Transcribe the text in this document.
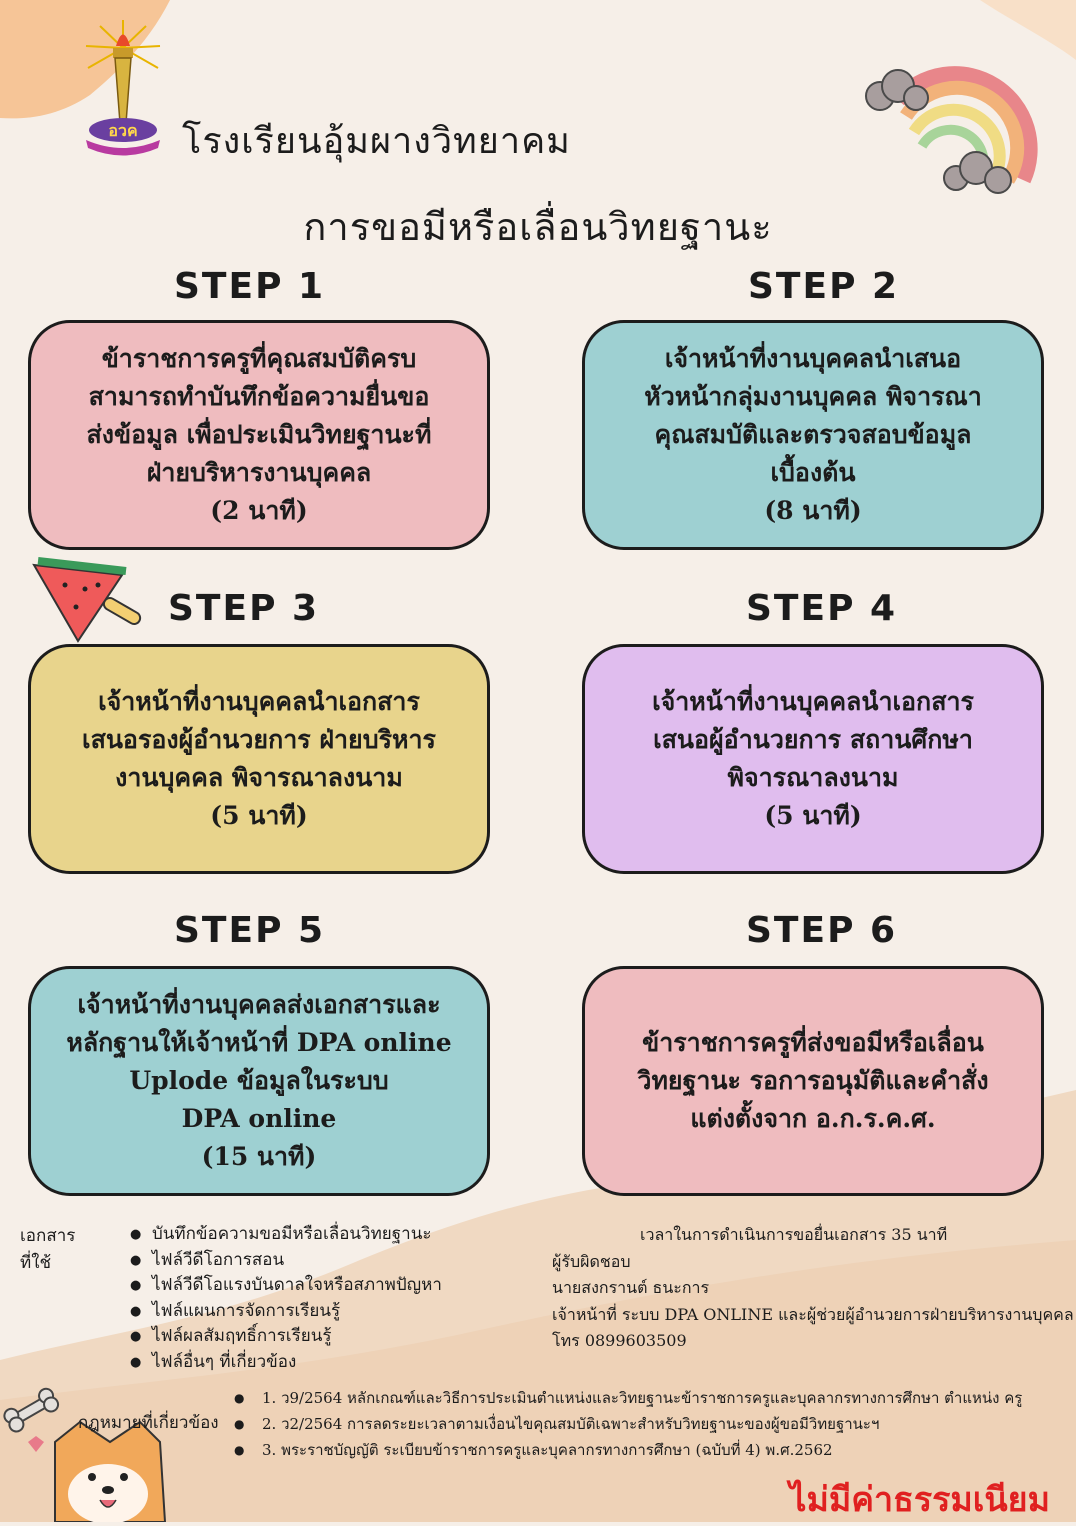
อวค โรงเรียนอุ้มผางวิทยาคม
การขอมีหรือเลื่อนวิทยฐานะ
STEP 1	STEP 2
STEP 3	STEP 4
STEP 5	STEP 6
ข้าราชการครูที่คุณสมบัติครบ
สามารถทำบันทึกข้อความยื่นขอ
ส่งข้อมูล เพื่อประเมินวิทยฐานะที่
ฝ่ายบริหารงานบุคคล
(2 นาที)
เจ้าหน้าที่งานบุคคลนำเสนอ
หัวหน้ากลุ่มงานบุคคล พิจารณา
คุณสมบัติและตรวจสอบข้อมูล
เบื้องต้น
(8 นาที)
เจ้าหน้าที่งานบุคคลนำเอกสาร
เสนอรองผู้อำนวยการ ฝ่ายบริหาร
งานบุคคล พิจารณาลงนาม
(5 นาที)
เจ้าหน้าที่งานบุคคลนำเอกสาร
เสนอผู้อำนวยการ สถานศึกษา
พิจารณาลงนาม
(5 นาที)
เจ้าหน้าที่งานบุคคลส่งเอกสารและ
หลักฐานให้เจ้าหน้าที่ DPA online
Uplode ข้อมูลในระบบ
DPA online
(15 นาที)
ข้าราชการครูที่ส่งขอมีหรือเลื่อน
วิทยฐานะ รอการอนุมัติและคำสั่ง
แต่งตั้งจาก อ.ก.ร.ค.ศ.
เอกสารที่ใช้
● บันทึกข้อความขอมีหรือเลื่อนวิทยฐานะ
● ไฟล์วีดีโอการสอน
● ไฟล์วีดีโอแรงบันดาลใจหรือสภาพปัญหา
● ไฟล์แผนการจัดการเรียนรู้
● ไฟล์ผลสัมฤทธิ์การเรียนรู้
● ไฟล์อื่นๆ ที่เกี่ยวข้อง
เวลาในการดำเนินการขอยื่นเอกสาร 35 นาที
ผู้รับผิดชอบ
นายสงกรานต์ ธนะการ
เจ้าหน้าที่ ระบบ DPA ONLINE และผู้ช่วยผู้อำนวยการฝ่ายบริหารงานบุคคล
โทร 0899603509
กฎหมายที่เกี่ยวข้อง
● 1. ว9/2564 หลักเกณฑ์และวิธีการประเมินตำแหน่งและวิทยฐานะข้าราชการครูและบุคลากรทางการศึกษา ตำแหน่ง ครู
● 2. ว2/2564 การลดระยะเวลาตามเงื่อนไขคุณสมบัติเฉพาะสำหรับวิทยฐานะของผู้ขอมีวิทยฐานะฯ
● 3. พระราชบัญญัติ ระเบียบข้าราชการครูและบุคลากรทางการศึกษา (ฉบับที่ 4) พ.ศ.2562
ไม่มีค่าธรรมเนียม
